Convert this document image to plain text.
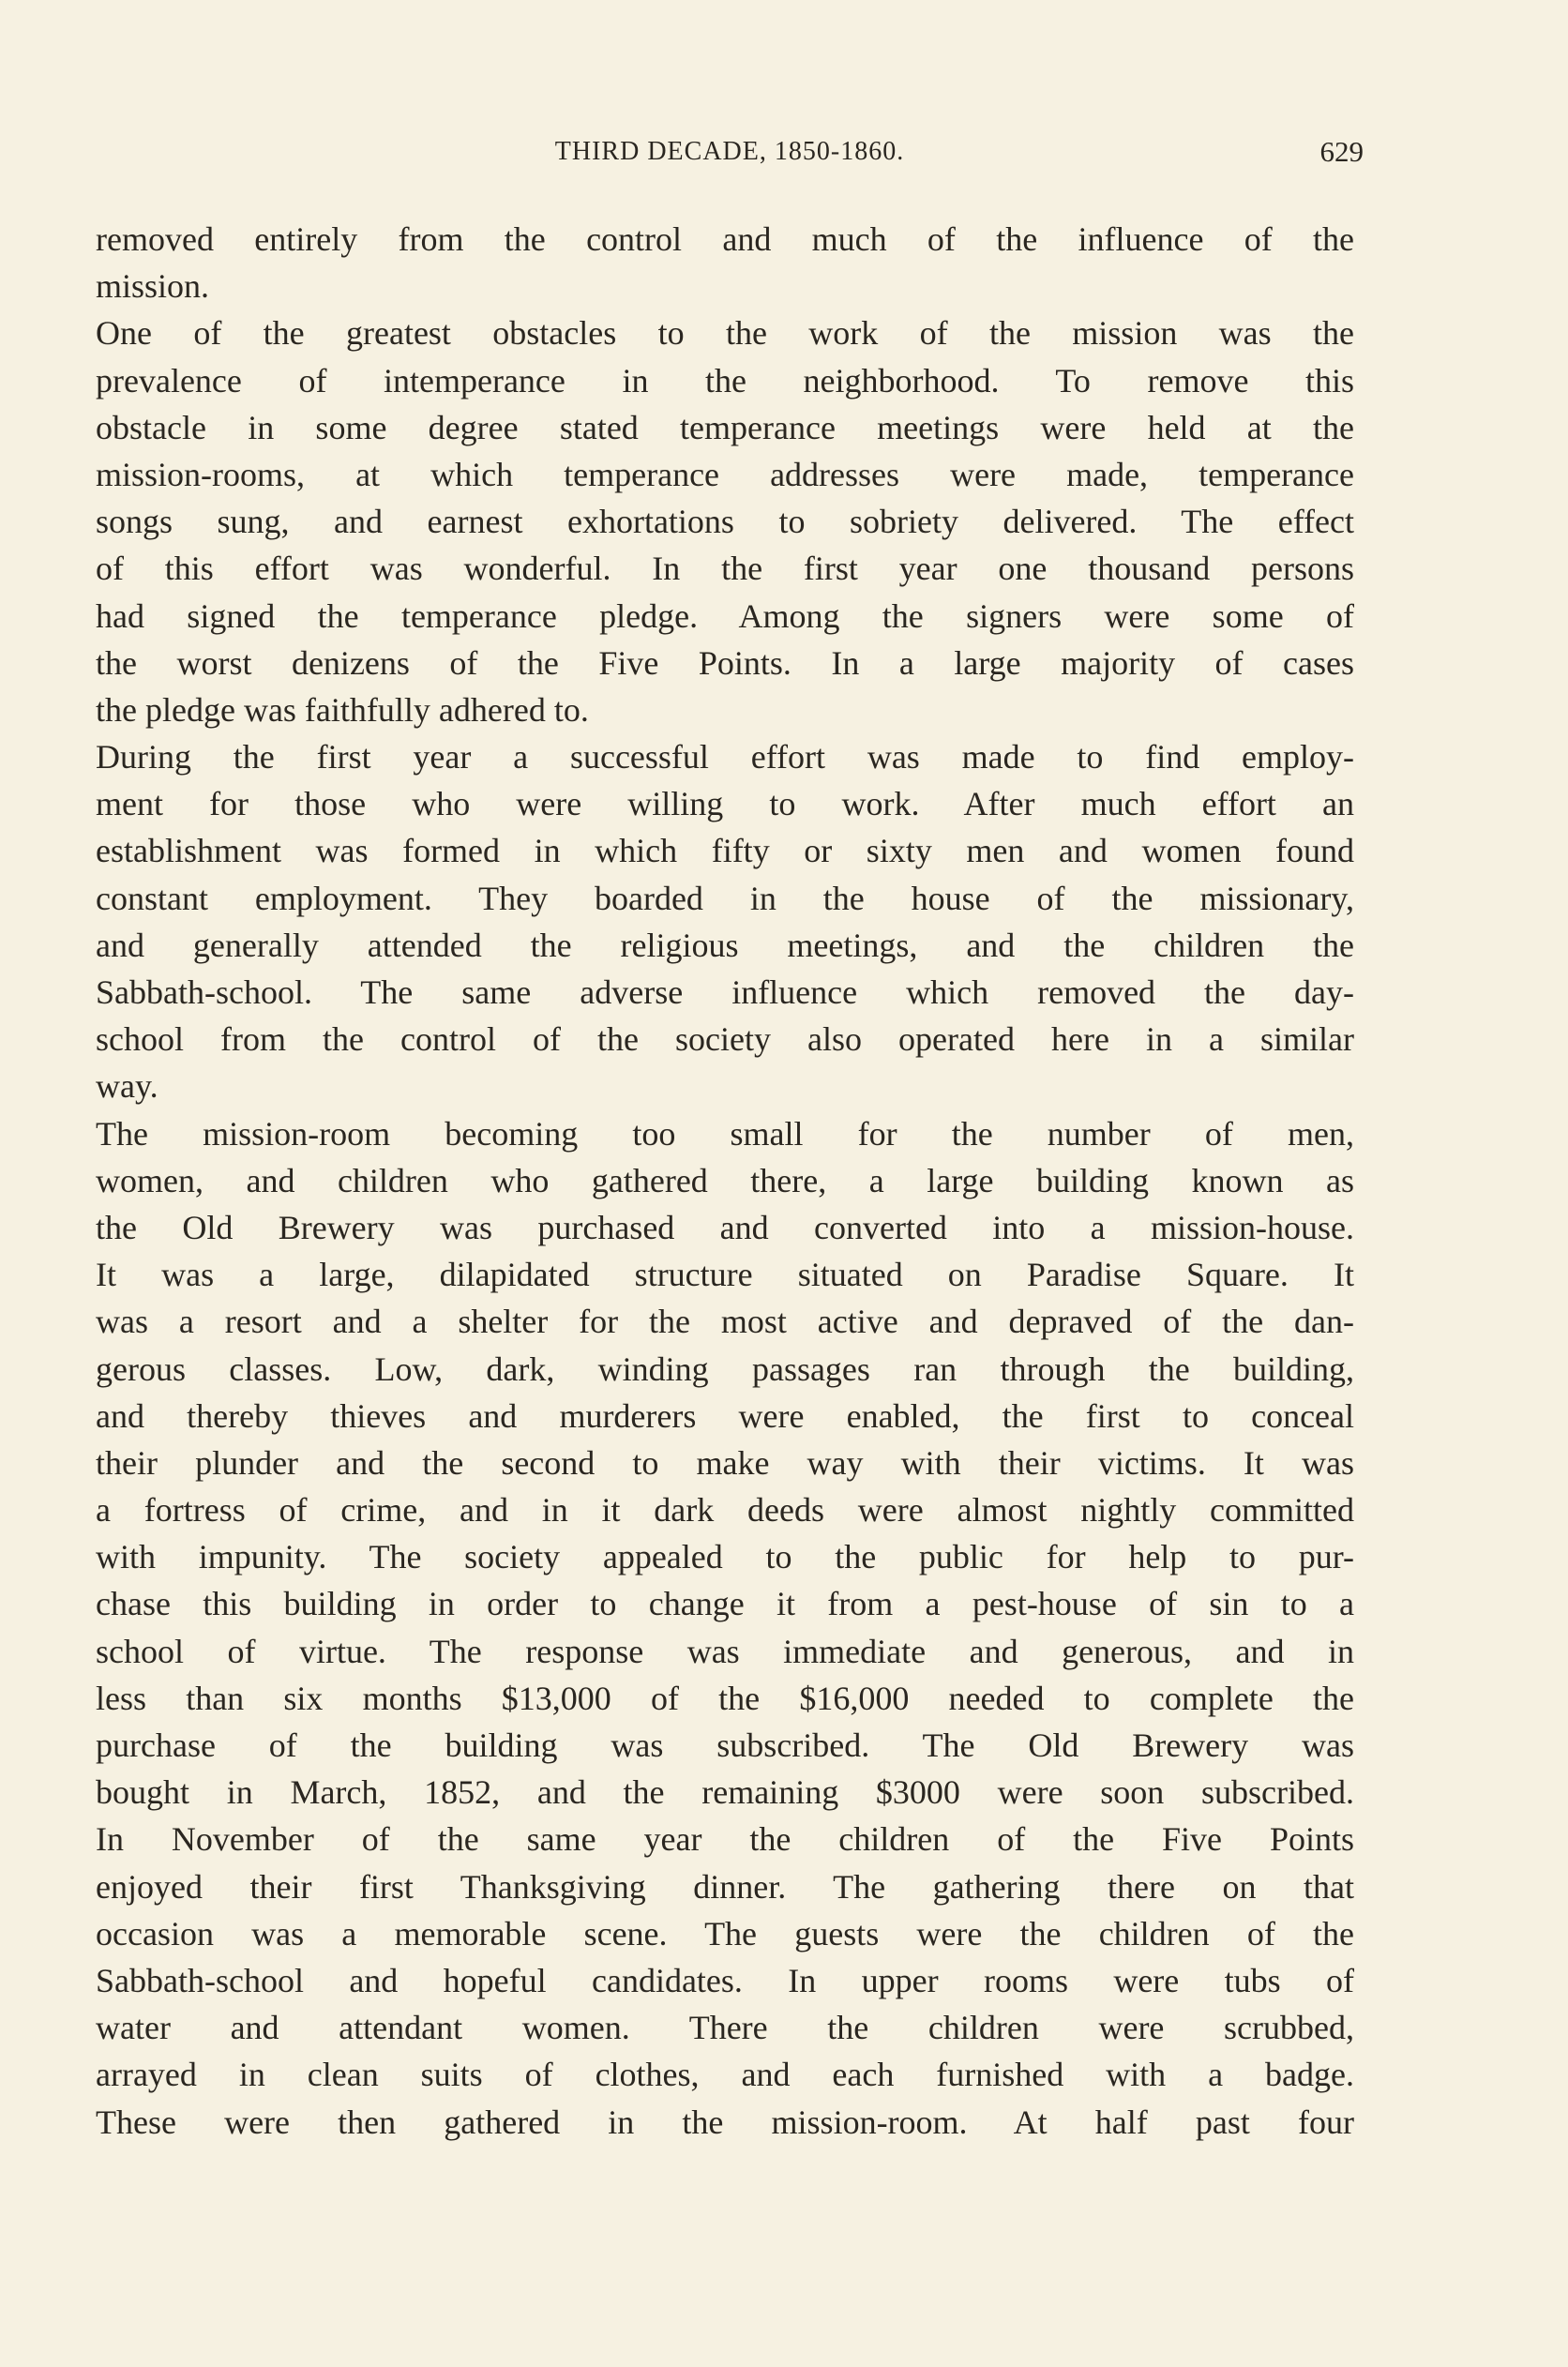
THIRD DECADE, 1850-1860.	629
removed entirely from the control and much of the influence of the
mission.
One of the greatest obstacles to the work of the mission was the
prevalence of intemperance in the neighborhood. To remove this
obstacle in some degree stated temperance meetings were held at the
mission-rooms, at which temperance addresses were made, temperance
songs sung, and earnest exhortations to sobriety delivered. The effect
of this effort was wonderful. In the first year one thousand persons
had signed the temperance pledge. Among the signers were some of
the worst denizens of the Five Points. In a large majority of cases
the pledge was faithfully adhered to.
During the first year a successful effort was made to find employ-
ment for those who were willing to work. After much effort an
establishment was formed in which fifty or sixty men and women found
constant employment. They boarded in the house of the missionary,
and generally attended the religious meetings, and the children the
Sabbath-school. The same adverse influence which removed the day-
school from the control of the society also operated here in a similar
way.
The mission-room becoming too small for the number of men,
women, and children who gathered there, a large building known as
the Old Brewery was purchased and converted into a mission-house.
It was a large, dilapidated structure situated on Paradise Square. It
was a resort and a shelter for the most active and depraved of the dan-
gerous classes. Low, dark, winding passages ran through the building,
and thereby thieves and murderers were enabled, the first to conceal
their plunder and the second to make way with their victims. It was
a fortress of crime, and in it dark deeds were almost nightly committed
with impunity. The society appealed to the public for help to pur-
chase this building in order to change it from a pest-house of sin to a
school of virtue. The response was immediate and generous, and in
less than six months $13,000 of the $16,000 needed to complete the
purchase of the building was subscribed. The Old Brewery was
bought in March, 1852, and the remaining $3000 were soon subscribed.
In November of the same year the children of the Five Points
enjoyed their first Thanksgiving dinner. The gathering there on that
occasion was a memorable scene. The guests were the children of the
Sabbath-school and hopeful candidates. In upper rooms were tubs of
water and attendant women. There the children were scrubbed,
arrayed in clean suits of clothes, and each furnished with a badge.
These were then gathered in the mission-room. At half past four
